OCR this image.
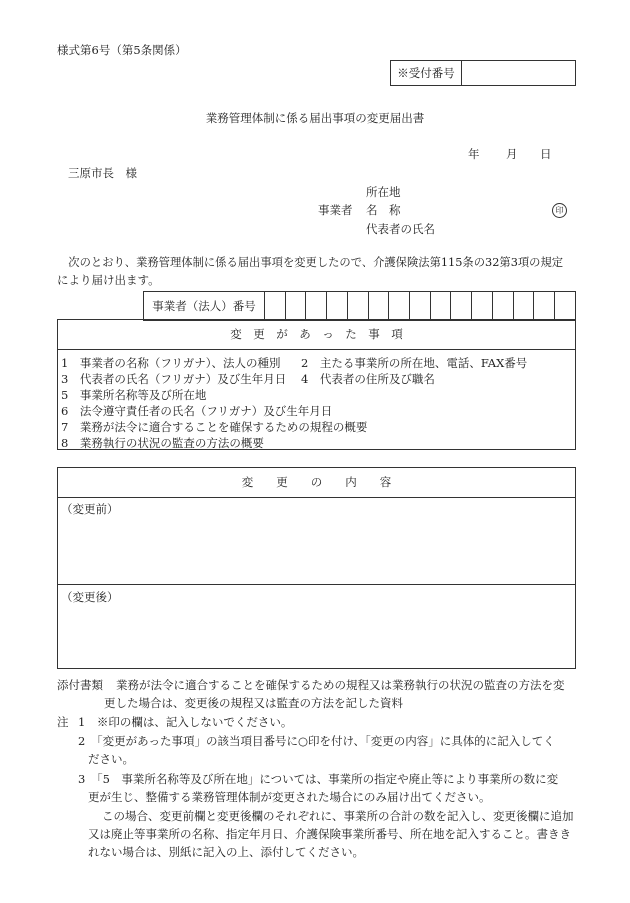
様式第6号（第5条関係）
※受付番号	
業務管理体制に係る届出事項の変更届出書
年 月 日
三原市長　様
所在地
事業者 名　称	印
代表者の氏名
　次のとおり、業務管理体制に係る届出事項を変更したので、介護保険法第115条の32第3項の規定
により届け出ます。
事業者（法人）番号															
変　更　が　あ　っ　た　事　項
1　事業者の名称（フリガナ）、法人の種別 2　主たる事業所の所在地、電話、FAX番号
3　代表者の氏名（フリガナ）及び生年月日 4　代表者の住所及び職名
5　事業所名称等及び所在地
6　法令遵守責任者の氏名（フリガナ）及び生年月日
7　業務が法令に適合することを確保するための規程の概要
8　業務執行の状況の監査の方法の概要
変　　更　　の　　内　　容
（変更前）
（変更後）
添付書類 業務が法令に適合することを確保するための規程又は業務執行の状況の監査の方法を変
更した場合は、変更後の規程又は監査の方法を記した資料
注 1　※印の欄は、記入しないでください。
2　「変更があった事項」の該当項目番号に○印を付け、「変更の内容」に具体的に記入してく
ださい。
3　「5　事業所名称等及び所在地」については、事業所の指定や廃止等により事業所の数に変
更が生じ、整備する業務管理体制が変更された場合にのみ届け出てください。
この場合、変更前欄と変更後欄のそれぞれに、事業所の合計の数を記入し、変更後欄に追加
又は廃止等事業所の名称、指定年月日、介護保険事業所番号、所在地を記入すること。書きき
れない場合は、別紙に記入の上、添付してください。
